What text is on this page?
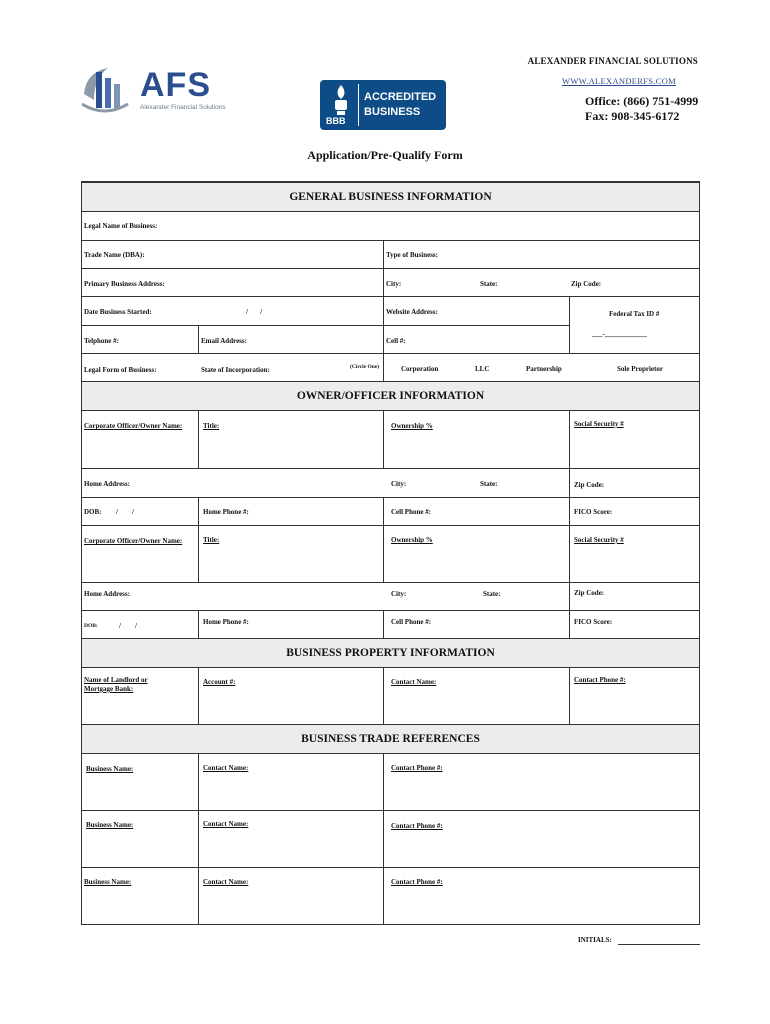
ALEXANDER FINANCIAL SOLUTIONS
WWW.ALEXANDERFS.COM
Office: (866) 751-4999
Fax: 908-345-6172
AFS
Alexander Financial Solutions
BBB
ACCREDITED
BUSINESS
Application/Pre-Qualify Form
GENERAL BUSINESS INFORMATION
Legal Name of Business:
Trade Name (DBA):	Type of Business:
Primary Business Address:	City:	State:	Zip Code:
Date Business Started:	/       /	Website Address:	Federal Tax ID #
___-____________
Telphone #:	Email Address:	Cell #:
Legal Form of Business:	State of Incorporation:	(Circle One)	Corporation	LLC	Partnership	Sole Proprietor
OWNER/OFFICER INFORMATION
Corporate Officer/Owner Name:	Title:	Ownership %	Social Security #
Home Address:	City:	State:	Zip Code:
DOB: /        /	Home Phone #:	Cell Phone #:	FICO Score:
Corporate Officer/Owner Name:	Title:	Ownership %	Social Security #
Home Address:	City:	State:	Zip Code:
DOB:	/        /	Home Phone #:	Cell Phone #:	FICO Score:
BUSINESS PROPERTY INFORMATION
Name of Landlord or
Mortgage Bank:
Account #:	Contact Name:	Contact Phone #:
BUSINESS TRADE REFERENCES
Business Name:	Contact Name:	Contact Phone #:
Business Name:	Contact Name:	Contact Phone #:
Business Name:	Contact Name:	Contact Phone #:
INITIALS:
